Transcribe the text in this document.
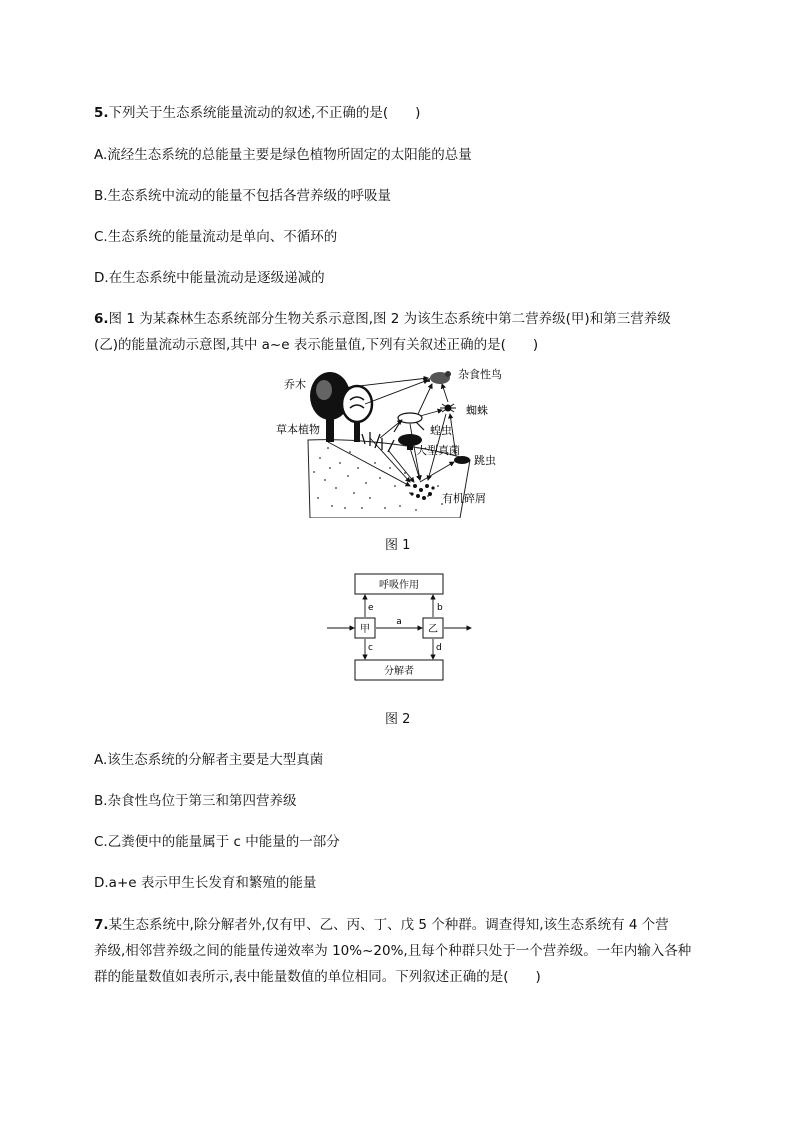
5.下列关于生态系统能量流动的叙述,不正确的是(　　)
A.流经生态系统的总能量主要是绿色植物所固定的太阳能的总量
B.生态系统中流动的能量不包括各营养级的呼吸量
C.生态系统的能量流动是单向、不循环的
D.在生态系统中能量流动是逐级递减的
6.图 1 为某森林生态系统部分生物关系示意图,图 2 为该生态系统中第二营养级(甲)和第三营养级
(乙)的能量流动示意图,其中 a~e 表示能量值,下列有关叙述正确的是(　　)
乔木
草本植物
杂食性鸟
蜘蛛
蝗虫
大型真菌
跳虫
有机碎屑
图 1
呼吸作用
分解者
甲	乙
a
b
c	d
e
图 2
A.该生态系统的分解者主要是大型真菌
B.杂食性鸟位于第三和第四营养级
C.乙粪便中的能量属于 c 中能量的一部分
D.a+e 表示甲生长发育和繁殖的能量
7.某生态系统中,除分解者外,仅有甲、乙、丙、丁、戊 5 个种群。调查得知,该生态系统有 4 个营
养级,相邻营养级之间的能量传递效率为 10%~20%,且每个种群只处于一个营养级。一年内输入各种
群的能量数值如表所示,表中能量数值的单位相同。下列叙述正确的是(　　)
